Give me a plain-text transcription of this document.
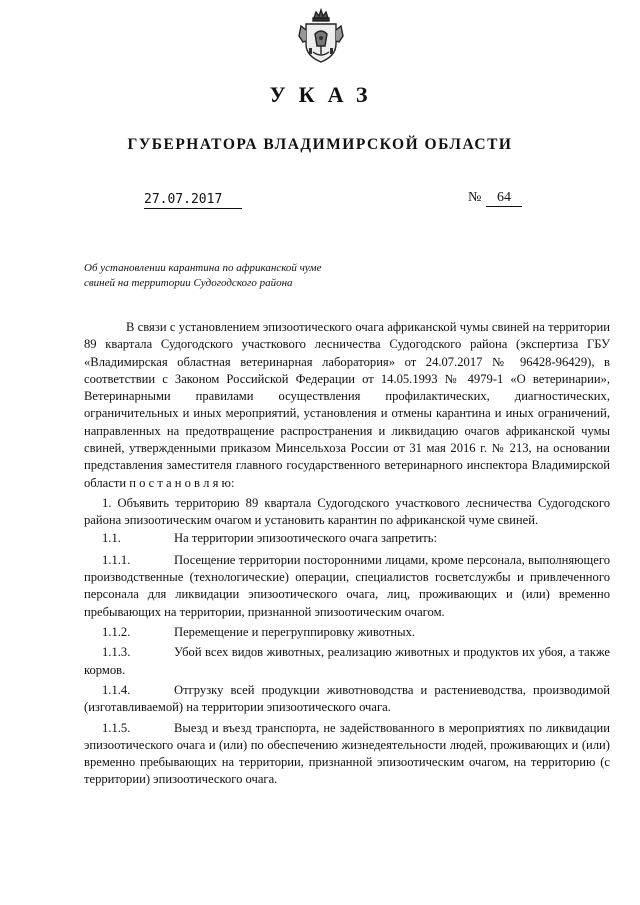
УКАЗ
ГУБЕРНАТОРА ВЛАДИМИРСКОЙ ОБЛАСТИ
27.07.2017	№	64
Об установлении карантина по африканской чуме
свиней на территории Судогодского района

В связи с установлением эпизоотического очага африканской чумы свиней на территории 89 квартала Судогодского участкового лесничества Судогодского района (экспертиза ГБУ «Владимирская областная ветеринарная лаборатория» от 24.07.2017 № 96428-96429), в соответствии с Законом Российской Федерации от 14.05.1993 № 4979-1 «О ветеринарии», Ветеринарными правилами осуществления профилактических, диагностических, ограничительных и иных мероприятий, установления и отмены карантина и иных ограничений, направленных на предотвращение распространения и ликвидацию очагов африканской чумы свиней, утвержденными приказом Минсельхоза России от 31 мая 2016 г. № 213, на основании представления заместителя главного государственного ветеринарного инспектора Владимирской области п о с т а н о в л я ю:

1. Объявить территорию 89 квартала Судогодского участкового лесничества Судогодского района эпизоотическим очагом и установить карантин по африканской чуме свиней.

1.1.	На территории эпизоотического очага запретить:

1.1.1.	Посещение территории посторонними лицами, кроме персонала, выполняющего производственные (технологические) операции, специалистов госветслужбы и привлеченного персонала для ликвидации эпизоотического очага, лиц, проживающих и (или) временно пребывающих на территории, признанной эпизоотическим очагом.

1.1.2.	Перемещение и перегруппировку животных.

1.1.3.	Убой всех видов животных, реализацию животных и продуктов их убоя, а также кормов.

1.1.4.	Отгрузку всей продукции животноводства и растениеводства, производимой (изготавливаемой) на территории эпизоотического очага.

1.1.5.	Выезд и въезд транспорта, не задействованного в мероприятиях по ликвидации эпизоотического очага и (или) по обеспечению жизнедеятельности людей, проживающих и (или) временно пребывающих на территории, признанной эпизоотическим очагом, на территорию (с территории) эпизоотического очага.
